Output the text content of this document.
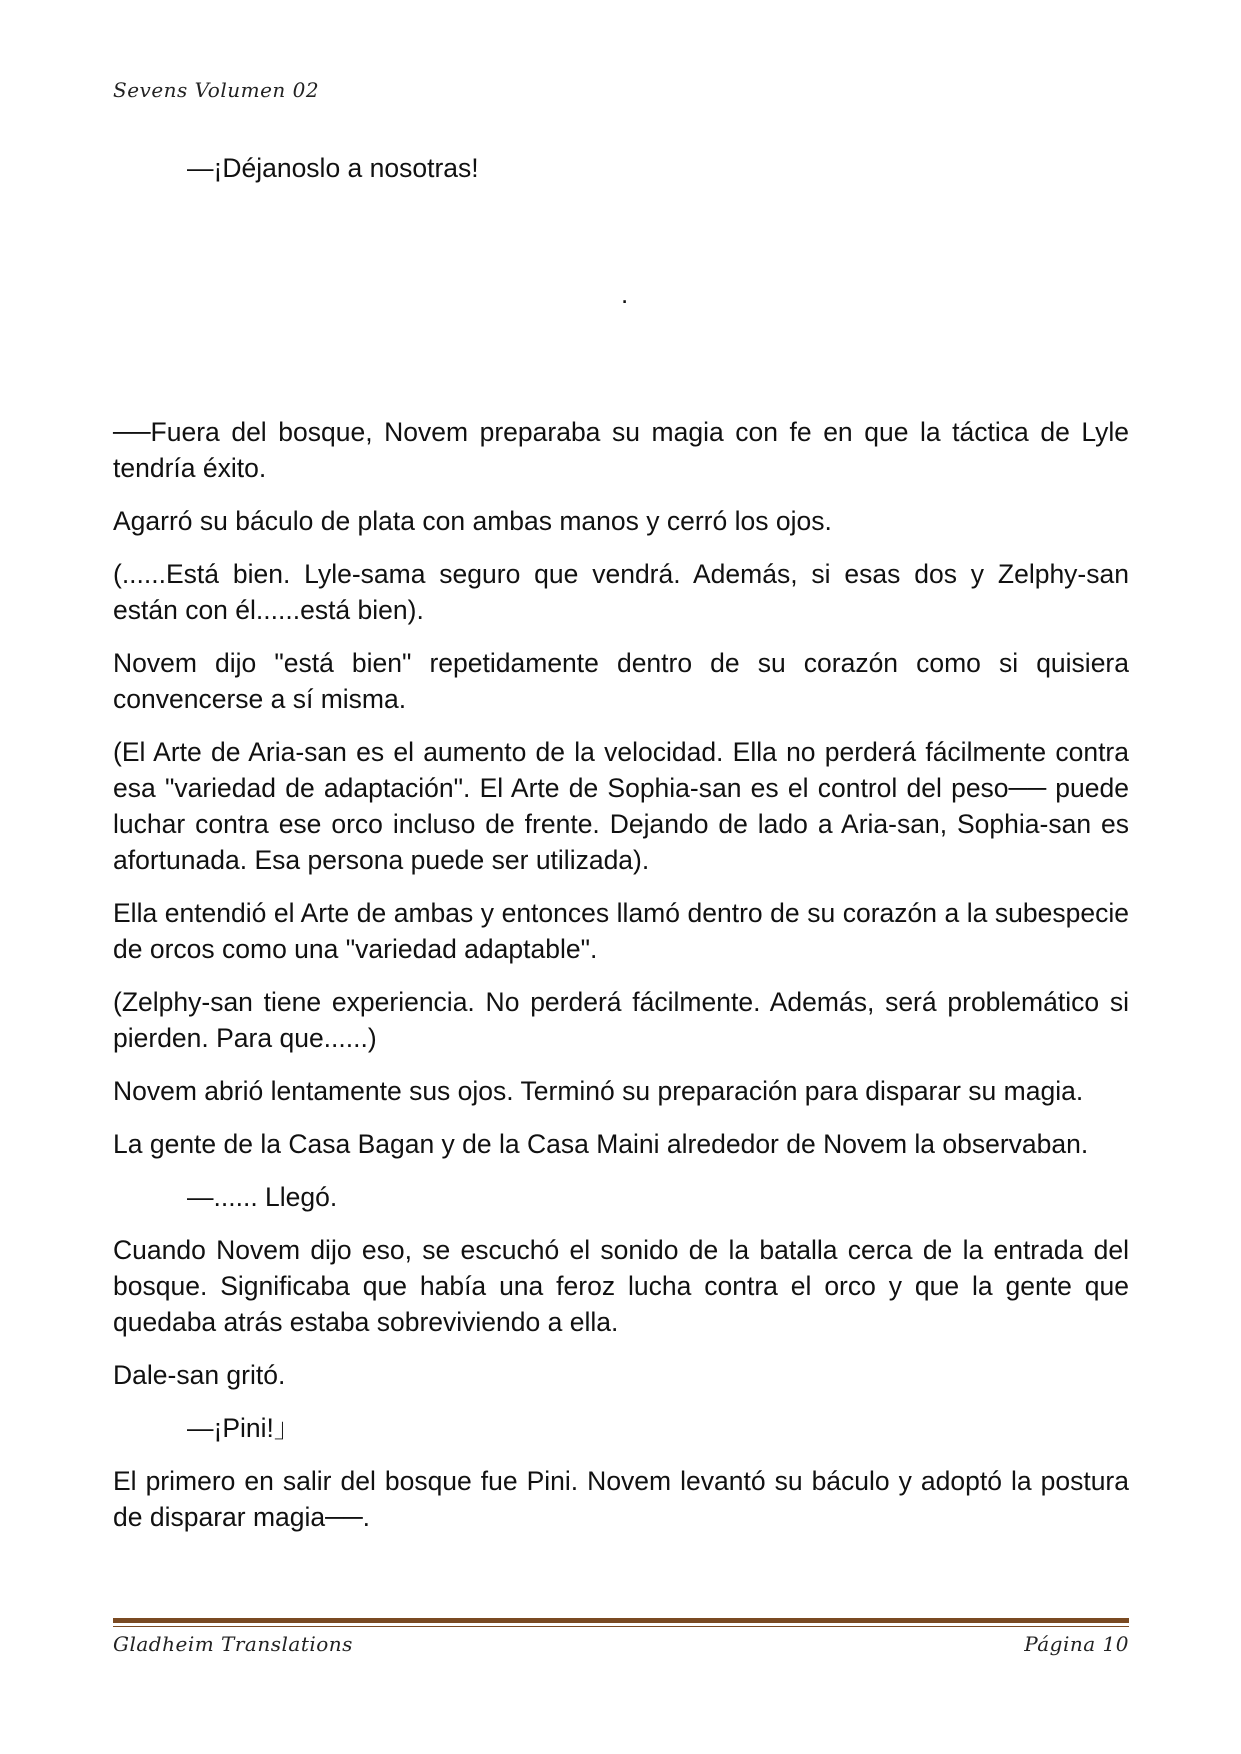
Sevens Volumen 02

—¡Déjanoslo a nosotras!

.

──Fuera del bosque, Novem preparaba su magia con fe en que la táctica de Lyle tendría éxito.

Agarró su báculo de plata con ambas manos y cerró los ojos.

(......Está bien. Lyle-sama seguro que vendrá. Además, si esas dos y Zelphy-san están con él......está bien).

Novem dijo "está bien" repetidamente dentro de su corazón como si quisiera convencerse a sí misma.

(El Arte de Aria-san es el aumento de la velocidad. Ella no perderá fácilmente contra esa "variedad de adaptación". El Arte de Sophia-san es el control del peso── puede luchar contra ese orco incluso de frente. Dejando de lado a Aria-san, Sophia-san es afortunada. Esa persona puede ser utilizada).

Ella entendió el Arte de ambas y entonces llamó dentro de su corazón a la subespecie de orcos como una "variedad adaptable".

(Zelphy-san tiene experiencia. No perderá fácilmente. Además, será problemático si pierden. Para que......)

Novem abrió lentamente sus ojos. Terminó su preparación para disparar su magia.

La gente de la Casa Bagan y de la Casa Maini alrededor de Novem la observaban.

—...... Llegó.

Cuando Novem dijo eso, se escuchó el sonido de la batalla cerca de la entrada del bosque. Significaba que había una feroz lucha contra el orco y que la gente que quedaba atrás estaba sobreviviendo a ella.

Dale-san gritó.

—¡Pini!」

El primero en salir del bosque fue Pini. Novem levantó su báculo y adoptó la postura de disparar magia──.

Gladheim Translations	Página 10
